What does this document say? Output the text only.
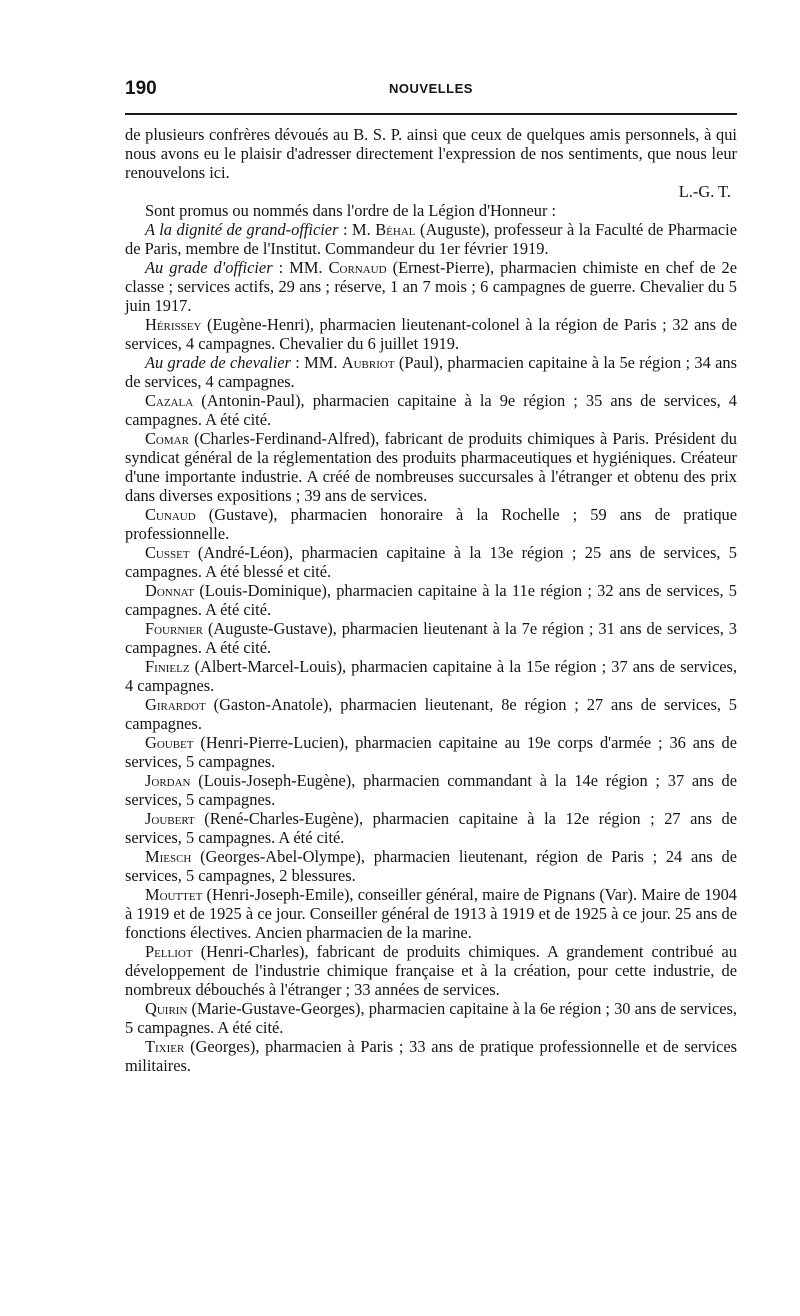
190	NOUVELLES

de plusieurs confrères dévoués au B. S. P. ainsi que ceux de quelques amis personnels, à qui nous avons eu le plaisir d'adresser directement l'expression de nos sentiments, que nous leur renouvelons ici.

L.-G. T.

Sont promus ou nommés dans l'ordre de la Légion d'Honneur :

A la dignité de grand-officier : M. Béhal (Auguste), professeur à la Faculté de Pharmacie de Paris, membre de l'Institut. Commandeur du 1er février 1919.

Au grade d'officier : MM. Cornaud (Ernest-Pierre), pharmacien chimiste en chef de 2e classe ; services actifs, 29 ans ; réserve, 1 an 7 mois ; 6 campagnes de guerre. Chevalier du 5 juin 1917.

Hérissey (Eugène-Henri), pharmacien lieutenant-colonel à la région de Paris ; 32 ans de services, 4 campagnes. Chevalier du 6 juillet 1919.

Au grade de chevalier : MM. Aubriot (Paul), pharmacien capitaine à la 5e région ; 34 ans de services, 4 campagnes.

Cazala (Antonin-Paul), pharmacien capitaine à la 9e région ; 35 ans de services, 4 campagnes. A été cité.

Comar (Charles-Ferdinand-Alfred), fabricant de produits chimiques à Paris. Président du syndicat général de la réglementation des produits pharmaceutiques et hygiéniques. Créateur d'une importante industrie. A créé de nombreuses succursales à l'étranger et obtenu des prix dans diverses expositions ; 39 ans de services.

Cunaud (Gustave), pharmacien honoraire à la Rochelle ; 59 ans de pratique professionnelle.

Cusset (André-Léon), pharmacien capitaine à la 13e région ; 25 ans de services, 5 campagnes. A été blessé et cité.

Donnat (Louis-Dominique), pharmacien capitaine à la 11e région ; 32 ans de services, 5 campagnes. A été cité.

Fournier (Auguste-Gustave), pharmacien lieutenant à la 7e région ; 31 ans de services, 3 campagnes. A été cité.

Finielz (Albert-Marcel-Louis), pharmacien capitaine à la 15e région ; 37 ans de services, 4 campagnes.

Girardot (Gaston-Anatole), pharmacien lieutenant, 8e région ; 27 ans de services, 5 campagnes.

Goubet (Henri-Pierre-Lucien), pharmacien capitaine au 19e corps d'armée ; 36 ans de services, 5 campagnes.

Jordan (Louis-Joseph-Eugène), pharmacien commandant à la 14e région ; 37 ans de services, 5 campagnes.

Joubert (René-Charles-Eugène), pharmacien capitaine à la 12e région ; 27 ans de services, 5 campagnes. A été cité.

Miesch (Georges-Abel-Olympe), pharmacien lieutenant, région de Paris ; 24 ans de services, 5 campagnes, 2 blessures.

Mouttet (Henri-Joseph-Emile), conseiller général, maire de Pignans (Var). Maire de 1904 à 1919 et de 1925 à ce jour. Conseiller général de 1913 à 1919 et de 1925 à ce jour. 25 ans de fonctions électives. Ancien pharmacien de la marine.

Pelliot (Henri-Charles), fabricant de produits chimiques. A grandement contribué au développement de l'industrie chimique française et à la création, pour cette industrie, de nombreux débouchés à l'étranger ; 33 années de services.

Quirin (Marie-Gustave-Georges), pharmacien capitaine à la 6e région ; 30 ans de services, 5 campagnes. A été cité.

Tixier (Georges), pharmacien à Paris ; 33 ans de pratique professionnelle et de services militaires.
